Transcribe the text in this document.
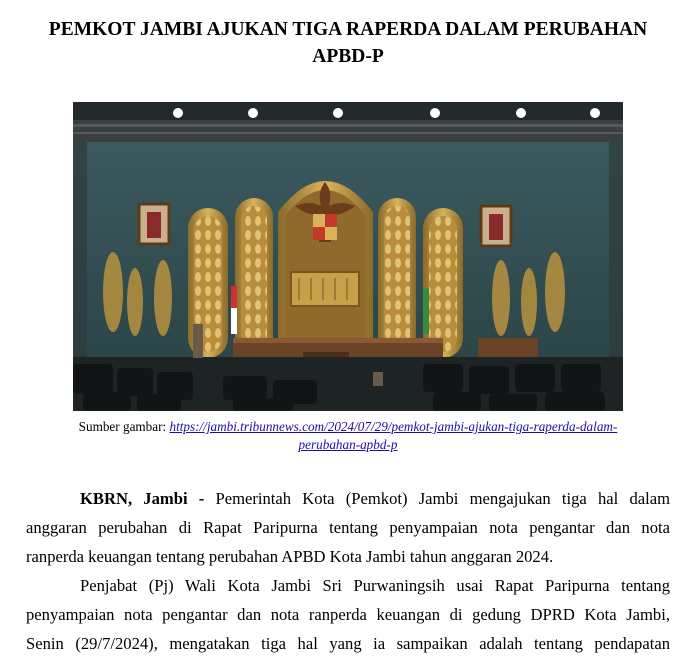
PEMKOT JAMBI AJUKAN TIGA RAPERDA DALAM PERUBAHAN
APBD-P
Sumber gambar: https://jambi.tribunnews.com/2024/07/29/pemkot-jambi-ajukan-tiga-raperda-dalam-
perubahan-apbd-p
KBRN, Jambi - Pemerintah Kota (Pemkot) Jambi mengajukan tiga hal dalam
anggaran perubahan di Rapat Paripurna tentang penyampaian nota pengantar dan nota
ranperda keuangan tentang perubahan APBD Kota Jambi tahun anggaran 2024.
Penjabat (Pj) Wali Kota Jambi Sri Purwaningsih usai Rapat Paripurna tentang
penyampaian nota pengantar dan nota ranperda keuangan di gedung DPRD Kota Jambi,
Senin (29/7/2024), mengatakan tiga hal yang ia sampaikan adalah tentang pendapatan
